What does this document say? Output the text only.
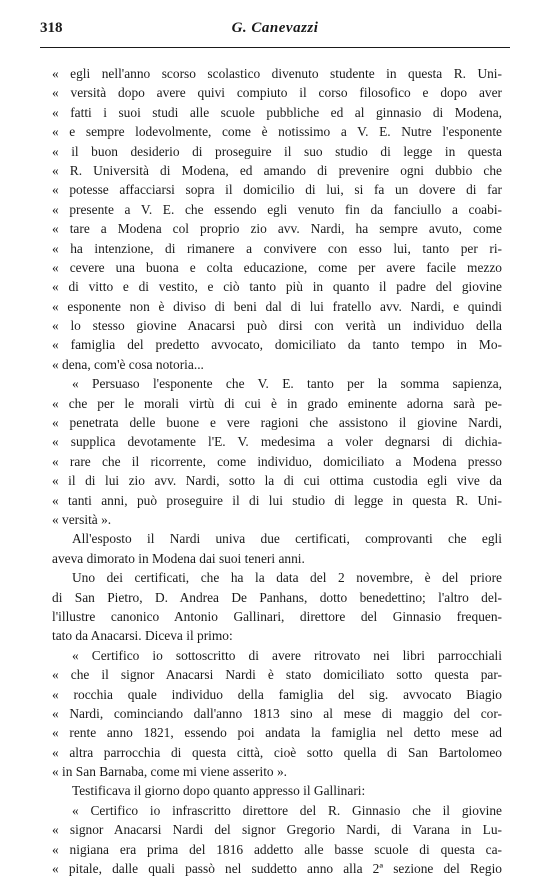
318	G. Canevazzi
« egli nell'anno scorso scolastico divenuto studente in questa R. Uni-
« versità dopo avere quivi compiuto il corso filosofico e dopo aver
« fatti i suoi studi alle scuole pubbliche ed al ginnasio di Modena,
« e sempre lodevolmente, come è notissimo a V. E. Nutre l'esponente
« il buon desiderio di proseguire il suo studio di legge in questa
« R. Università di Modena, ed amando di prevenire ogni dubbio che
« potesse affacciarsi sopra il domicilio di lui, si fa un dovere di far
« presente a V. E. che essendo egli venuto fin da fanciullo a coabi-
« tare a Modena col proprio zio avv. Nardi, ha sempre avuto, come
« ha intenzione, di rimanere a convivere con esso lui, tanto per ri-
« cevere una buona e colta educazione, come per avere facile mezzo
« di vitto e di vestito, e ciò tanto più in quanto il padre del giovine
« esponente non è diviso di beni dal di lui fratello avv. Nardi, e quindi
« lo stesso giovine Anacarsi può dirsi con verità un individuo della
« famiglia del predetto avvocato, domiciliato da tanto tempo in Mo-
« dena, com'è cosa notoria...
« Persuaso l'esponente che V. E. tanto per la somma sapienza,
« che per le morali virtù di cui è in grado eminente adorna sarà pe-
« penetrata delle buone e vere ragioni che assistono il giovine Nardi,
« supplica devotamente l'E. V. medesima a voler degnarsi di dichia-
« rare che il ricorrente, come individuo, domiciliato a Modena presso
« il di lui zio avv. Nardi, sotto la di cui ottima custodia egli vive da
« tanti anni, può proseguire il di lui studio di legge in questa R. Uni-
« versità ».
All'esposto il Nardi univa due certificati, comprovanti che egli
aveva dimorato in Modena dai suoi teneri anni.
Uno dei certificati, che ha la data del 2 novembre, è del priore
di San Pietro, D. Andrea De Panhans, dotto benedettino; l'altro del-
l'illustre canonico Antonio Gallinari, direttore del Ginnasio frequen-
tato da Anacarsi. Diceva il primo:
« Certifico io sottoscritto di avere ritrovato nei libri parrocchiali
« che il signor Anacarsi Nardi è stato domiciliato sotto questa par-
« rocchia quale individuo della famiglia del sig. avvocato Biagio
« Nardi, cominciando dall'anno 1813 sino al mese di maggio del cor-
« rente anno 1821, essendo poi andata la famiglia nel detto mese ad
« altra parrocchia di questa città, cioè sotto quella di San Bartolomeo
« in San Barnaba, come mi viene asserito ».
Testificava il giorno dopo quanto appresso il Gallinari:
« Certifico io infrascritto direttore del R. Ginnasio che il giovine
« signor Anacarsi Nardi del signor Gregorio Nardi, di Varana in Lu-
« nigiana era prima del 1816 addetto alle basse scuole di questa ca-
« pitale, dalle quali passò nel suddetto anno alla 2ª sezione del Regio
